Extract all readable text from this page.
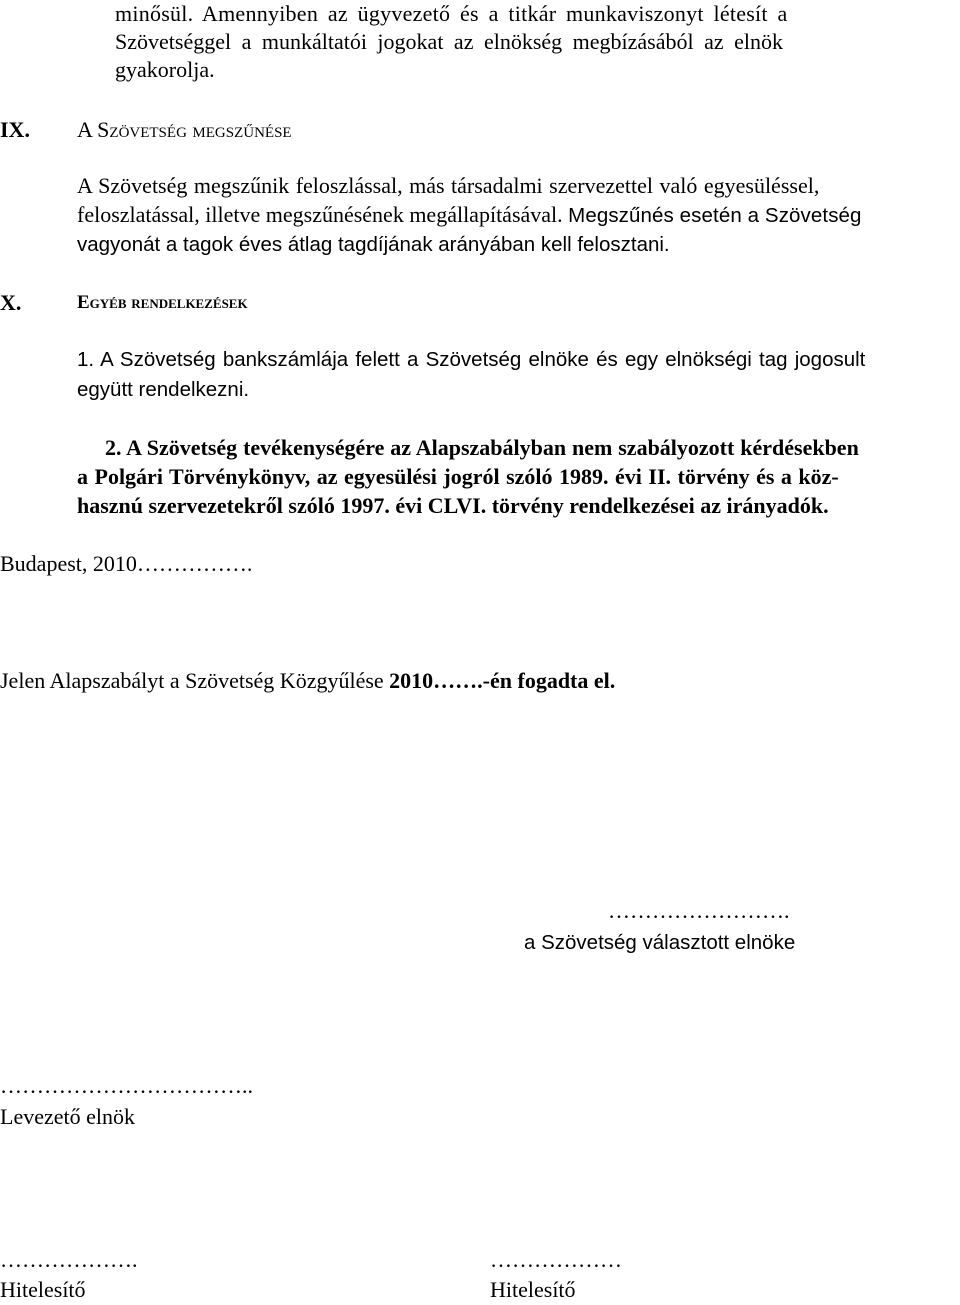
minősül. Amennyiben az ügyvezető és a titkár munkaviszonyt létesít a
Szövetséggel a munkáltatói jogokat az elnökség megbízásából az elnök
gyakorolja.
IX. A Szövetség megszűnése
A Szövetség megszűnik feloszlással, más társadalmi szervezettel való egyesüléssel,
feloszlatással, illetve megszűnésének megállapításával. Megszűnés esetén a Szövetség
vagyonát a tagok éves átlag tagdíjának arányában kell felosztani.
X.	Egyéb rendelkezések
1. A Szövetség bankszámlája felett a Szövetség elnöke és egy elnökségi tag jogosult
együtt rendelkezni.
2. A Szövetség tevékenységére az Alapszabályban nem szabályozott kérdésekben
a Polgári Törvénykönyv, az egyesülési jogról szóló 1989. évi II. törvény és a köz-
hasznú szervezetekről szóló 1997. évi CLVI. törvény rendelkezései az irányadók.
Budapest, 2010…………….
Jelen Alapszabályt a Szövetség Közgyűlése 2010…….-én fogadta el.
…………………….
a Szövetség választott elnöke
……………………………..
Levezető elnök
……………….
Hitelesítő
………………
Hitelesítő
